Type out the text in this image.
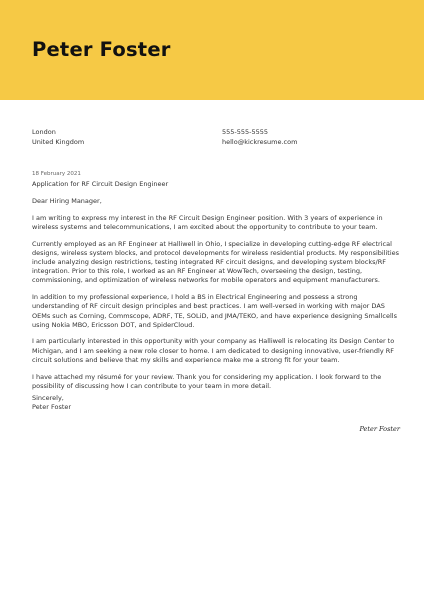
Peter Foster
London
United Kingdom
555-555-5555
hello@kickresume.com
18 February 2021
Application for RF Circuit Design Engineer

Dear Hiring Manager,

I am writing to express my interest in the RF Circuit Design Engineer position. With 3 years of experience in wireless systems and telecommunications, I am excited about the opportunity to contribute to your team.

Currently employed as an RF Engineer at Halliwell in Ohio, I specialize in developing cutting-edge RF electrical designs, wireless system blocks, and protocol developments for wireless residential products. My responsibilities include analyzing design restrictions, testing integrated RF circuit designs, and developing system blocks/RF integration. Prior to this role, I worked as an RF Engineer at WowTech, overseeing the design, testing, commissioning, and optimization of wireless networks for mobile operators and equipment manufacturers.

In addition to my professional experience, I hold a BS in Electrical Engineering and possess a strong understanding of RF circuit design principles and best practices. I am well-versed in working with major DAS OEMs such as Corning, Commscope, ADRF, TE, SOLiD, and JMA/TEKO, and have experience designing Smallcells using Nokia MBO, Ericsson DOT, and SpiderCloud.

I am particularly interested in this opportunity with your company as Halliwell is relocating its Design Center to Michigan, and I am seeking a new role closer to home. I am dedicated to designing innovative, user-friendly RF circuit solutions and believe that my skills and experience make me a strong fit for your team.

I have attached my résumé for your review. Thank you for considering my application. I look forward to the possibility of discussing how I can contribute to your team in more detail.

Sincerely,
Peter Foster
Peter Foster
